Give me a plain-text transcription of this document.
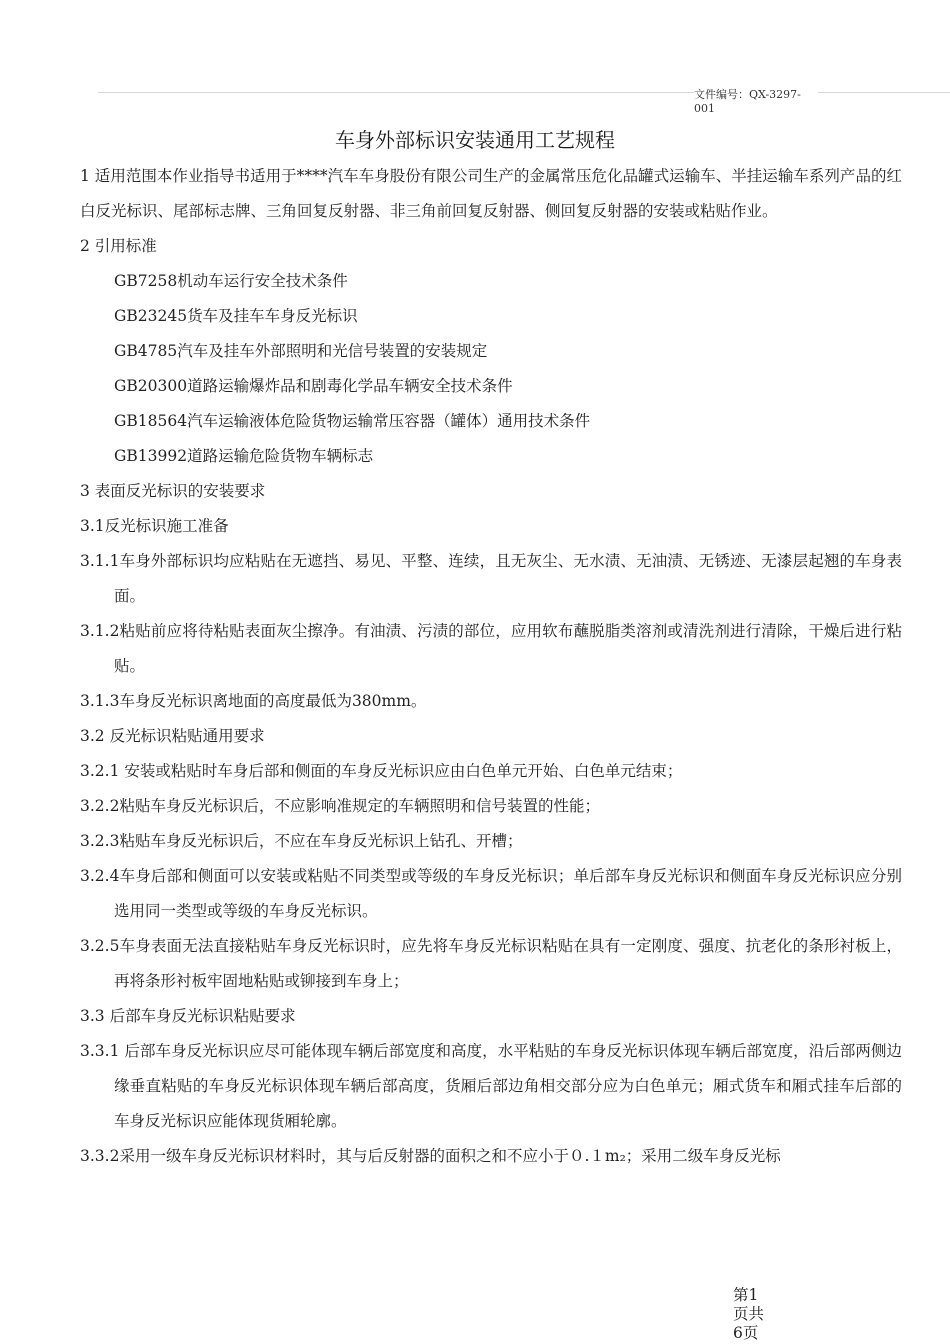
文件编号：QX-3297-001
车身外部标识安装通用工艺规程

1 适用范围本作业指导书适用于****汽车车身股份有限公司生产的金属常压危化品罐式运输车、半挂运输车系列产品的红白反光标识、尾部标志牌、三角回复反射器、非三角前回复反射器、侧回复反射器的安装或粘贴作业。

2 引用标准

GB7258机动车运行安全技术条件

GB23245货车及挂车车身反光标识

GB4785汽车及挂车外部照明和光信号装置的安装规定

GB20300道路运输爆炸品和剧毒化学品车辆安全技术条件

GB18564汽车运输液体危险货物运输常压容器（罐体）通用技术条件

GB13992道路运输危险货物车辆标志

3 表面反光标识的安装要求

3.1反光标识施工准备

3.1.1车身外部标识均应粘贴在无遮挡、易见、平整、连续，且无灰尘、无水渍、无油渍、无锈迹、无漆层起翘的车身表面。

3.1.2粘贴前应将待粘贴表面灰尘擦净。有油渍、污渍的部位，应用软布蘸脱脂类溶剂或清洗剂进行清除，干燥后进行粘贴。

3.1.3车身反光标识离地面的高度最低为380mm。

3.2 反光标识粘贴通用要求

3.2.1 安装或粘贴时车身后部和侧面的车身反光标识应由白色单元开始、白色单元结束；

3.2.2粘贴车身反光标识后，不应影响准规定的车辆照明和信号装置的性能；

3.2.3粘贴车身反光标识后，不应在车身反光标识上钻孔、开槽；

3.2.4车身后部和侧面可以安装或粘贴不同类型或等级的车身反光标识；单后部车身反光标识和侧面车身反光标识应分别选用同一类型或等级的车身反光标识。

3.2.5车身表面无法直接粘贴车身反光标识时，应先将车身反光标识粘贴在具有一定刚度、强度、抗老化的条形衬板上，再将条形衬板牢固地粘贴或铆接到车身上；

3.3 后部车身反光标识粘贴要求

3.3.1 后部车身反光标识应尽可能体现车辆后部宽度和高度，水平粘贴的车身反光标识体现车辆后部宽度，沿后部两侧边缘垂直粘贴的车身反光标识体现车辆后部高度，货厢后部边角相交部分应为白色单元；厢式货车和厢式挂车后部的车身反光标识应能体现货厢轮廓。

3.3.2采用一级车身反光标识材料时，其与后反射器的面积之和不应小于０.１m₂；采用二级车身反光标

第1页共6页
